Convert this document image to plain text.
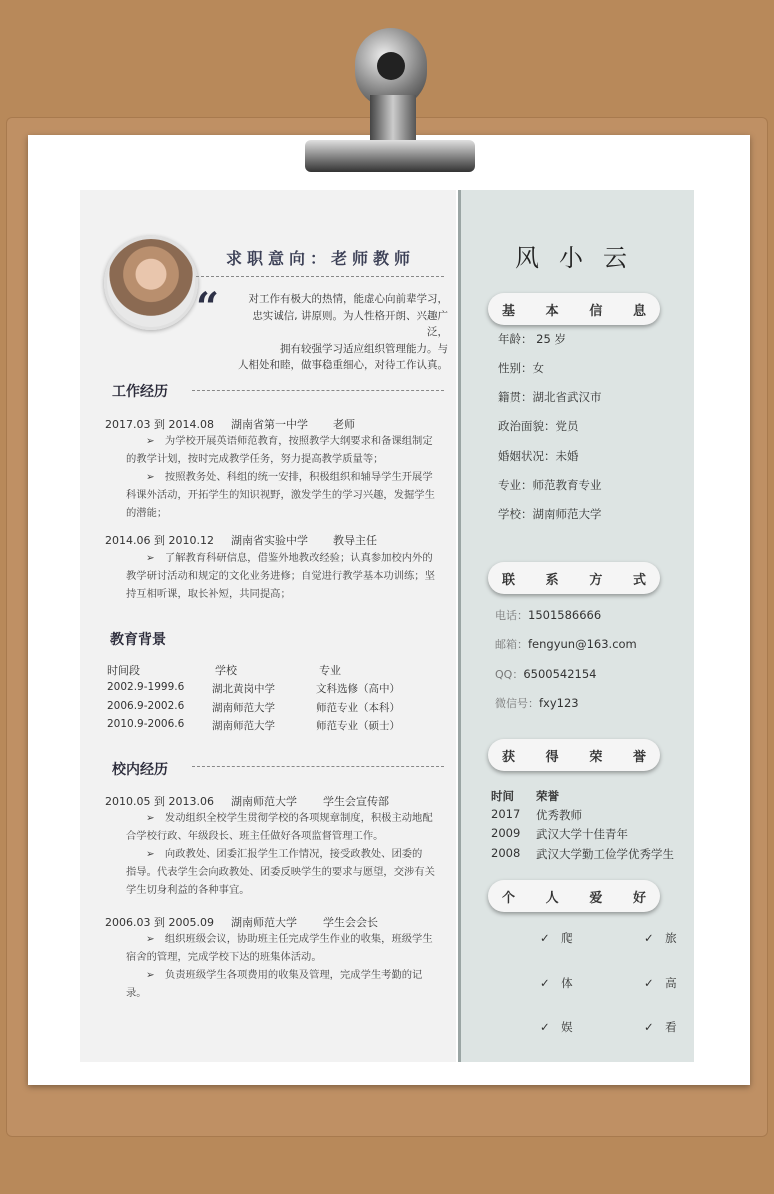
求职意向：老师教师
“	对工作有极大的热情，能虚心向前辈学习，
忠实诚信, 讲原则。为人性格开朗、兴趣广泛，
拥有较强学习适应组织管理能力。与
人相处和睦，做事稳重细心，对待工作认真。
工作经历
2017.03 到 2014.08 湖南省第一中学 老师
➢　为学校开展英语师范教育，按照教学大纲要求和备课组制定
的教学计划，按时完成教学任务，努力提高教学质量等；
➢　按照教务处、科组的统一安排，积极组织和辅导学生开展学
科课外活动，开拓学生的知识视野，激发学生的学习兴趣，发掘学生
的潜能；
2014.06 到 2010.12 湖南省实验中学 教导主任
➢　了解教育科研信息，借鉴外地教改经验；认真参加校内外的
教学研讨活动和规定的文化业务进修；自觉进行教学基本功训练；坚
持互相听课，取长补短，共同提高；
教育背景
时间段	学校	专业
2002.9-1999.6	湖北黄岗中学	文科选修（高中）
2006.9-2002.6	湖南师范大学	师范专业（本科）
2010.9-2006.6	湖南师范大学	师范专业（硕士）
校内经历
2010.05 到 2013.06 湖南师范大学 学生会宣传部
➢　发动组织全校学生贯彻学校的各项规章制度，积极主动地配
合学校行政、年级段长、班主任做好各项监督管理工作。
➢　向政教处、团委汇报学生工作情况，接受政教处、团委的
指导。代表学生会向政教处、团委反映学生的要求与愿望，交涉有关
学生切身利益的各种事宜。
2006.03 到 2005.09 湖南师范大学 学生会会长
➢　组织班级会议，协助班主任完成学生作业的收集，班级学生
宿舍的管理，完成学校下达的班集体活动。
➢　负责班级学生各项费用的收集及管理，完成学生考勤的记
录。
风小云
基 本 信 息
年龄： 25 岁
性别：女
籍贯：湖北省武汉市
政治面貌：党员
婚姻状况：未婚
专业：师范教育专业
学校：湖南师范大学
联 系 方 式
电话：1501586666
邮箱：fengyun@163.com
QQ：6500542154
微信号：fxy123
获 得 荣 誉
时间 荣誉
2017 优秀教师
2009 武汉大学十佳青年
2008 武汉大学勤工俭学优秀学生
个 人 爱 好
✓　爬	✓　旅
✓　体	✓　高
✓　娱	✓　看
